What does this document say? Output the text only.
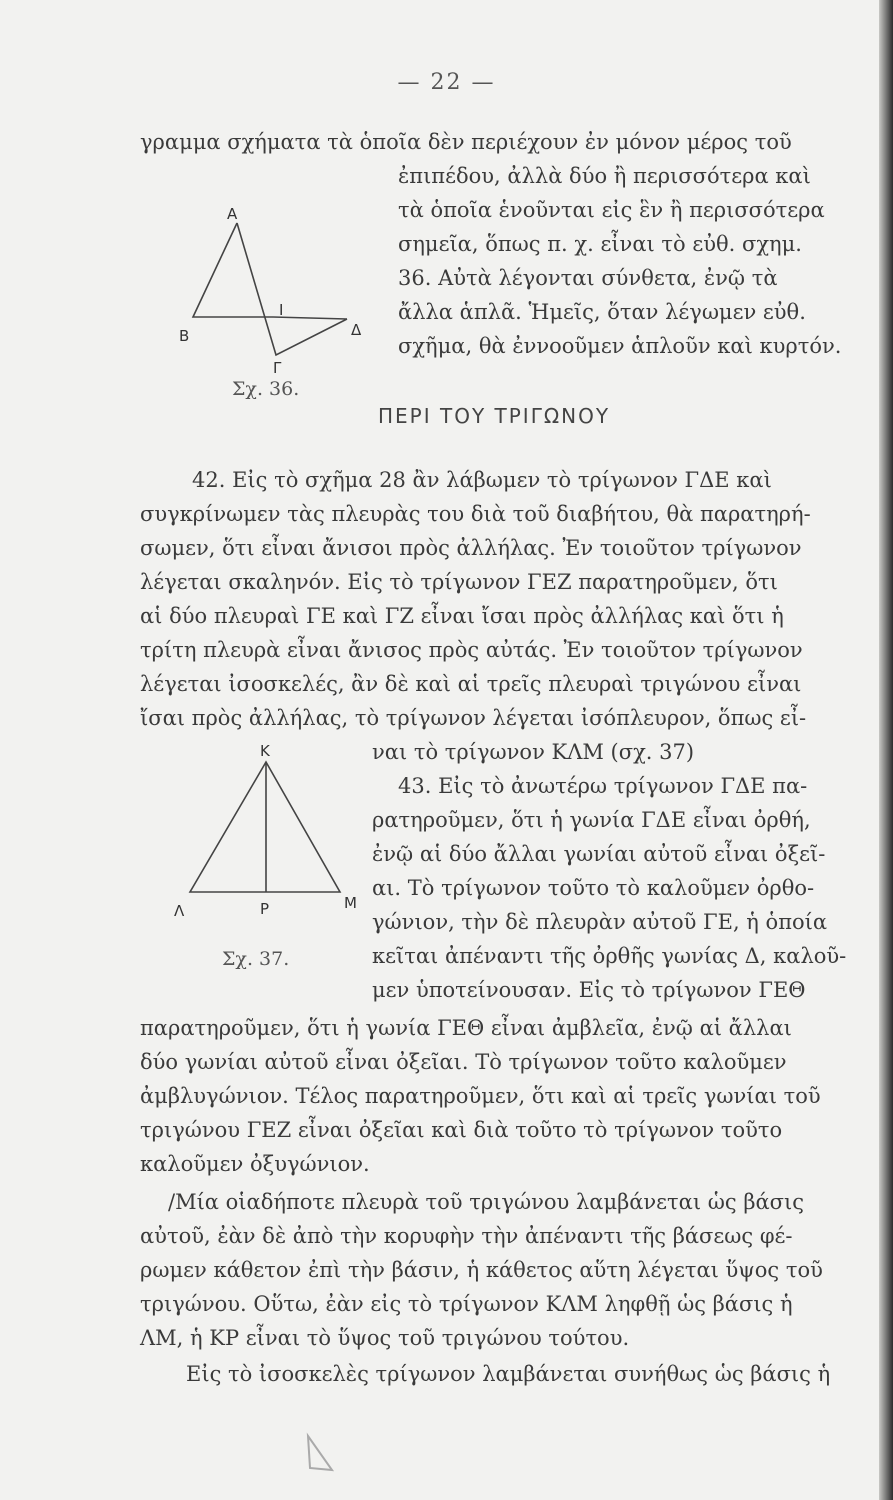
— 22 —
Α
Β
Γ
Δ
Ι
Σχ. 36.
ΠΕΡΙ ΤΟΥ ΤΡΙΓΩΝΟΥ
Κ
Λ	Μ
Ρ
Σχ. 37.
γραμμα σχήματα τὰ ὁποῖα δὲν περιέχουν ἐν μόνον μέρος τοῦ
ἐπιπέδου, ἀλλὰ δύο ἢ περισσότερα καὶ
τὰ ὁποῖα ἑνοῦνται εἰς ἓν ἢ περισσότερα
σημεῖα, ὅπως π. χ. εἶναι τὸ εὐθ. σχημ.
36. Αὐτὰ λέγονται σύνθετα, ἐνῷ τὰ
ἄλλα ἁπλᾶ. Ἡμεῖς, ὅταν λέγωμεν εὐθ.
σχῆμα, θὰ ἐννοοῦμεν ἁπλοῦν καὶ κυρτόν.
42. Εἰς τὸ σχῆμα 28 ἂν λάβωμεν τὸ τρίγωνον ΓΔΕ καὶ
συγκρίνωμεν τὰς πλευρὰς του διὰ τοῦ διαβήτου, θὰ παρατηρή-
σωμεν, ὅτι εἶναι ἄνισοι πρὸς ἀλλήλας. Ἐν τοιοῦτον τρίγωνον
λέγεται σκαληνόν. Εἰς τὸ τρίγωνον ΓΕΖ παρατηροῦμεν, ὅτι
αἱ δύο πλευραὶ ΓΕ καὶ ΓΖ εἶναι ἴσαι πρὸς ἀλλήλας καὶ ὅτι ἡ
τρίτη πλευρὰ εἶναι ἄνισος πρὸς αὐτάς. Ἐν τοιοῦτον τρίγωνον
λέγεται ἰσοσκελές, ἂν δὲ καὶ αἱ τρεῖς πλευραὶ τριγώνου εἶναι
ἴσαι πρὸς ἀλλήλας, τὸ τρίγωνον λέγεται ἰσόπλευρον, ὅπως εἶ-
ναι τὸ τρίγωνον ΚΛΜ (σχ. 37)
43. Εἰς τὸ ἀνωτέρω τρίγωνον ΓΔΕ πα-
ρατηροῦμεν, ὅτι ἡ γωνία ΓΔΕ εἶναι ὀρθή,
ἐνῷ αἱ δύο ἄλλαι γωνίαι αὐτοῦ εἶναι ὀξεῖ-
αι. Τὸ τρίγωνον τοῦτο τὸ καλοῦμεν ὀρθο-
γώνιον, τὴν δὲ πλευρὰν αὐτοῦ ΓΕ, ἡ ὁποία
κεῖται ἀπέναντι τῆς ὀρθῆς γωνίας Δ, καλοῦ-
μεν ὑποτείνουσαν. Εἰς τὸ τρίγωνον ΓΕΘ
παρατηροῦμεν, ὅτι ἡ γωνία ΓΕΘ εἶναι ἀμβλεῖα, ἐνῷ αἱ ἄλλαι
δύο γωνίαι αὐτοῦ εἶναι ὀξεῖαι. Τὸ τρίγωνον τοῦτο καλοῦμεν
ἀμβλυγώνιον. Τέλος παρατηροῦμεν, ὅτι καὶ αἱ τρεῖς γωνίαι τοῦ
τριγώνου ΓΕΖ εἶναι ὀξεῖαι καὶ διὰ τοῦτο τὸ τρίγωνον τοῦτο
καλοῦμεν ὀξυγώνιον.
/Μία οἱαδήποτε πλευρὰ τοῦ τριγώνου λαμβάνεται ὡς βάσις
αὐτοῦ, ἐὰν δὲ ἀπὸ τὴν κορυφὴν τὴν ἀπέναντι τῆς βάσεως φέ-
ρωμεν κάθετον ἐπὶ τὴν βάσιν, ἡ κάθετος αὕτη λέγεται ὕψος τοῦ
τριγώνου. Οὕτω, ἐὰν εἰς τὸ τρίγωνον ΚΛΜ ληφθῇ ὡς βάσις ἡ
ΛΜ, ἡ ΚΡ εἶναι τὸ ὕψος τοῦ τριγώνου τούτου.
Εἰς τὸ ἰσοσκελὲς τρίγωνον λαμβάνεται συνήθως ὡς βάσις ἡ
